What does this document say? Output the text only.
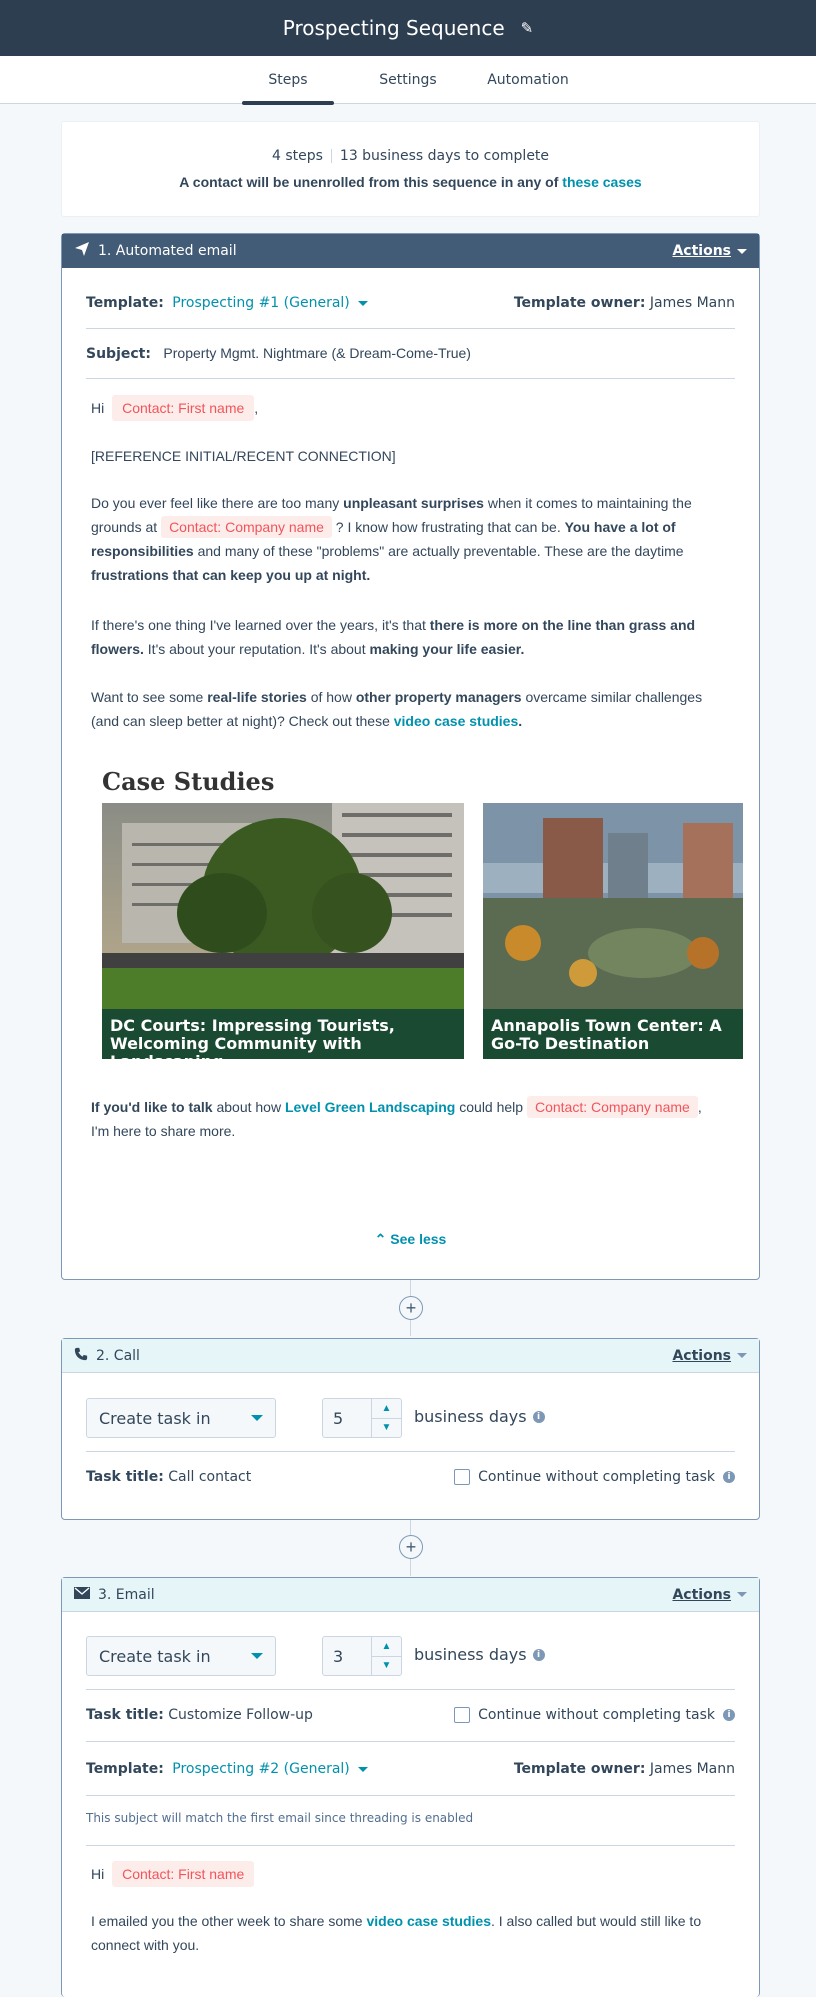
Prospecting Sequence ✎
Steps	Settings	Automation
4 steps 13 business days to complete
A contact will be unenrolled from this sequence in any of these cases
1. Automated email	Actions
Template: Prospecting #1 (General)	Template owner: James Mann
Subject: Property Mgmt. Nightmare (& Dream-Come-True)
Hi Contact: First name ,
[REFERENCE INITIAL/RECENT CONNECTION]
Do you ever feel like there are too many unpleasant surprises when it comes to maintaining the grounds at Contact: Company name ? I know how frustrating that can be. You have a lot of responsibilities and many of these "problems" are actually preventable. These are the daytime frustrations that can keep you up at night.
If there's one thing I've learned over the years, it's that there is more on the line than grass and flowers. It's about your reputation. It's about making your life easier.
Want to see some real-life stories of how other property managers overcame similar challenges (and can sleep better at night)? Check out these video case studies.
Case Studies
DC Courts: Impressing Tourists, Welcoming Community with Landscaping
Annapolis Town Center: A Go-To Destination
If you'd like to talk about how Level Green Landscaping could help Contact: Company name , I'm here to share more.
⌃ See less
+
2. Call	Actions
Create task in	5
▲
▼
business days	i
Task title: Call contact	Continue without completing task	i
+
3. Email	Actions
Create task in	3
▲
▼
business days	i
Task title: Customize Follow-up	Continue without completing task	i
Template: Prospecting #2 (General)	Template owner: James Mann
This subject will match the first email since threading is enabled
Hi Contact: First name
I emailed you the other week to share some video case studies. I also called but would still like to connect with you.
